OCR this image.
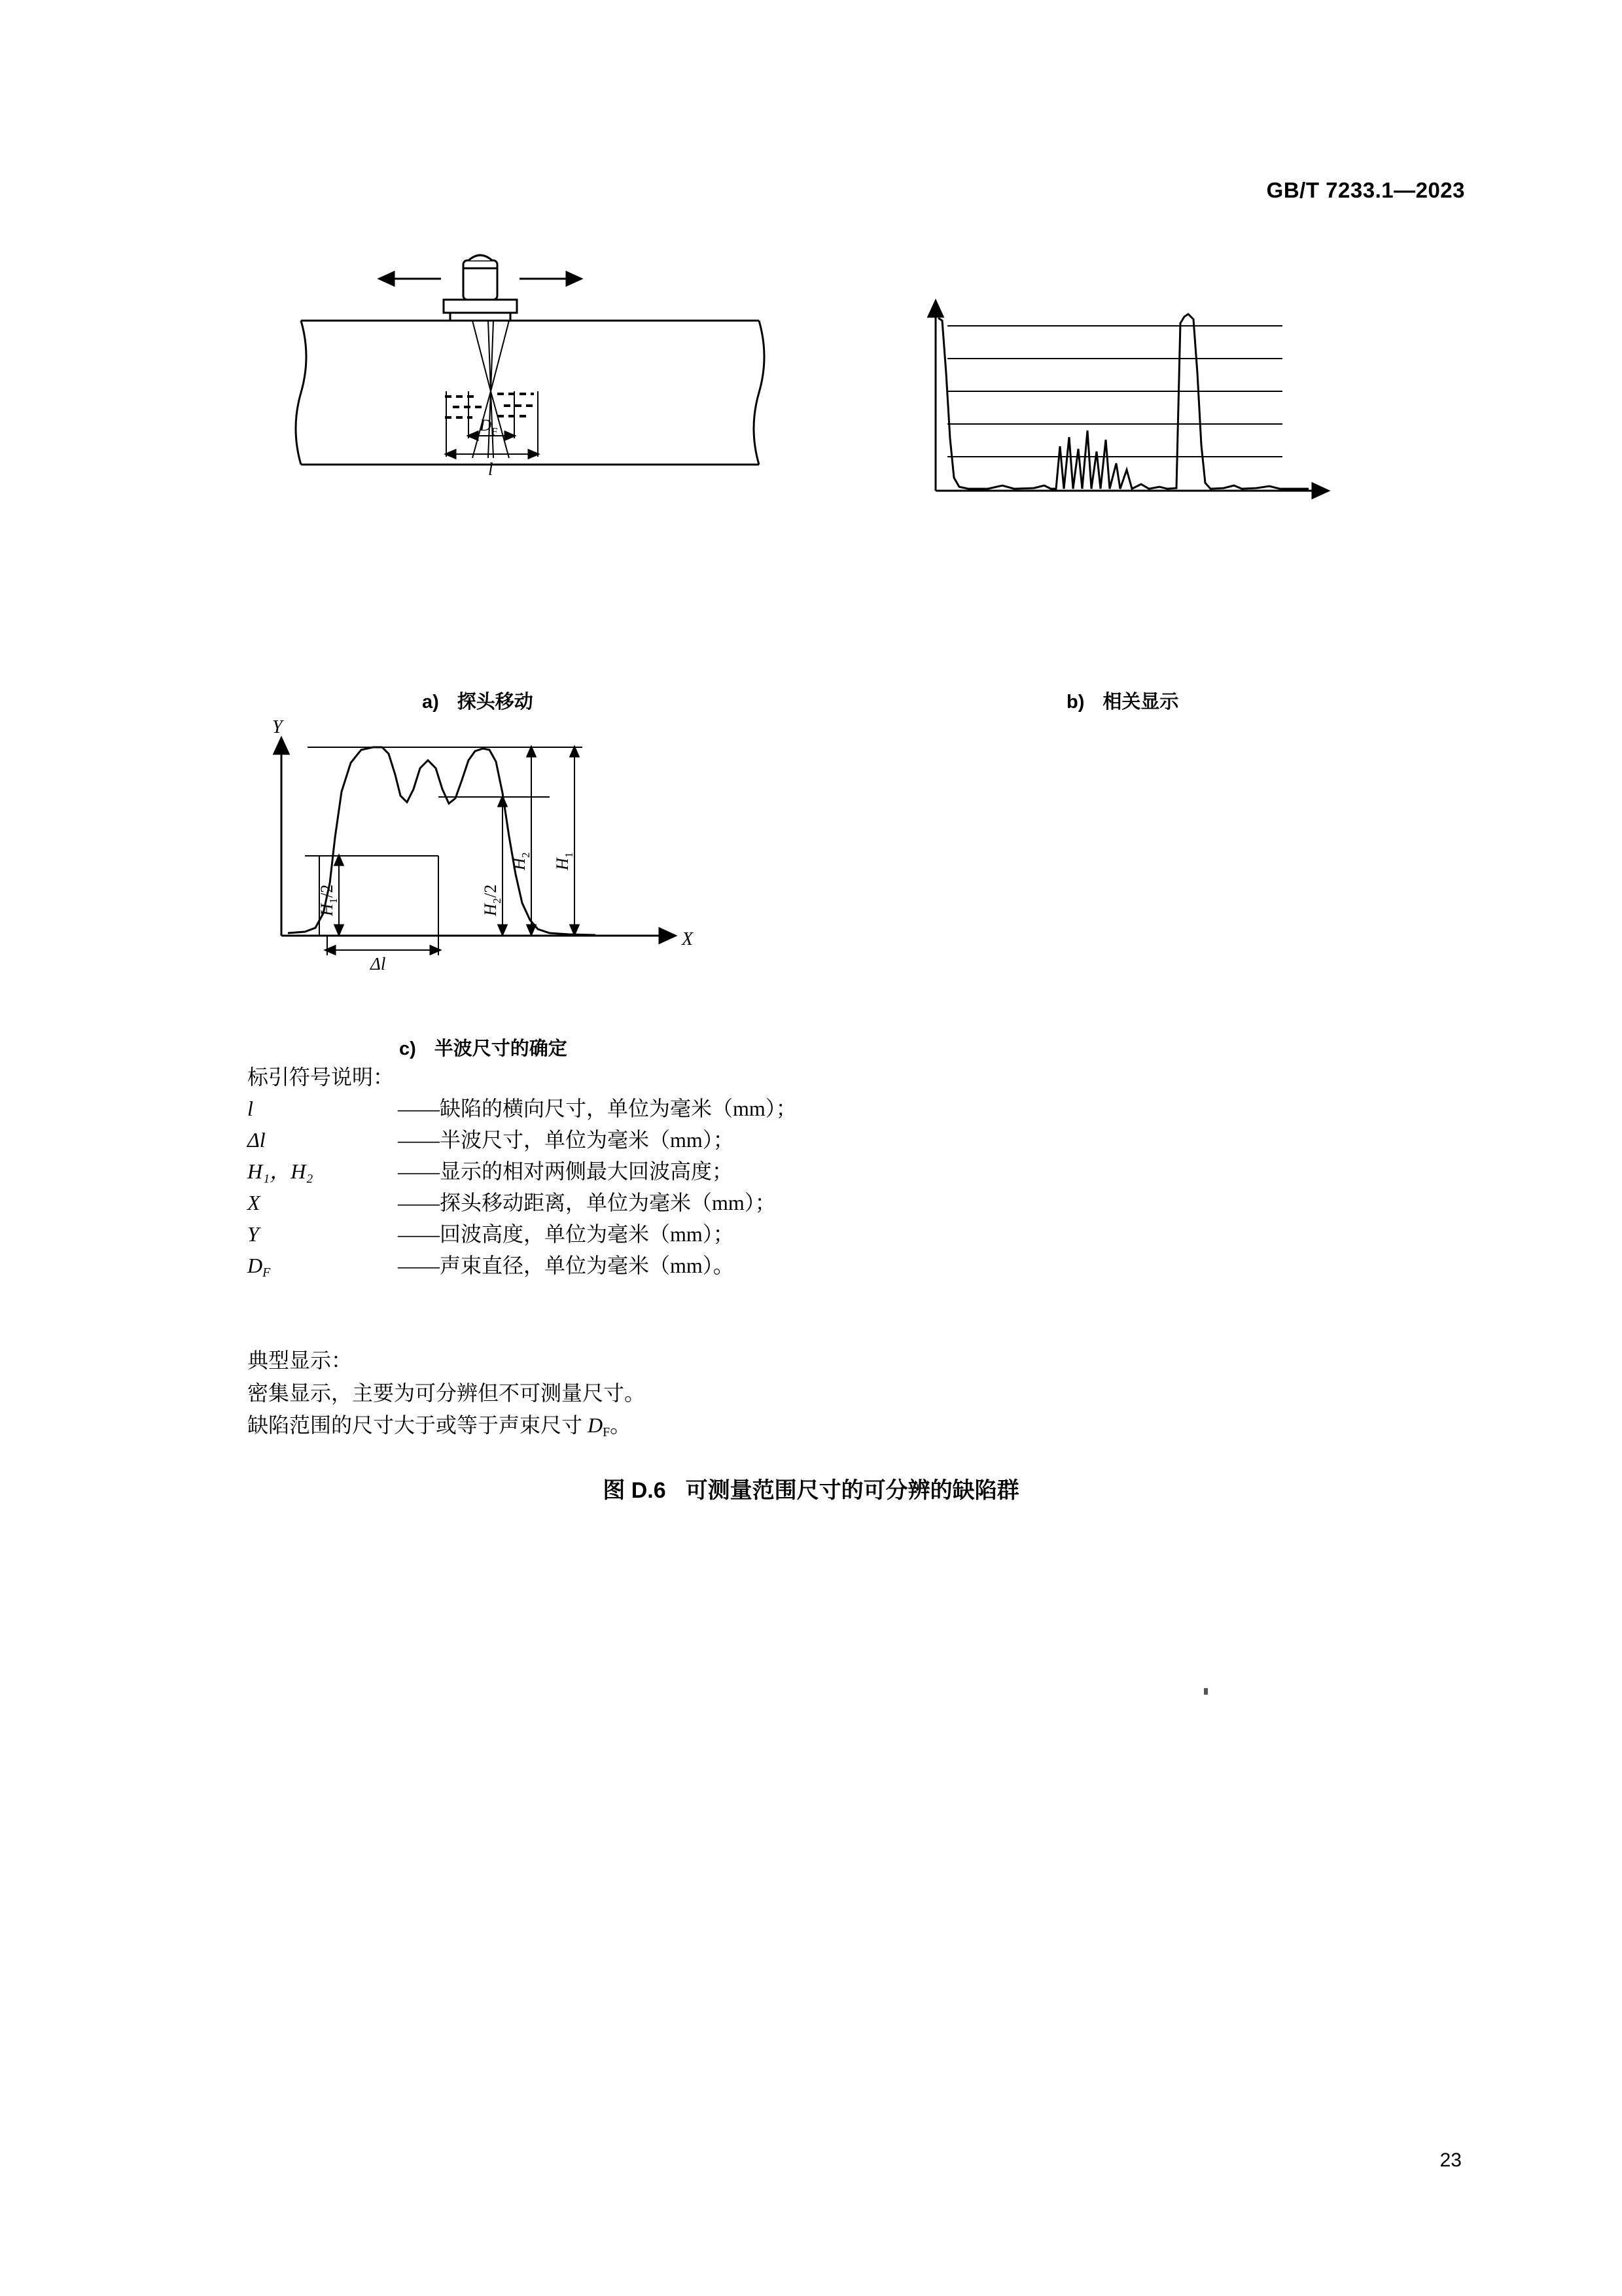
GB/T 7233.1—2023
D F
l
Y
X
H
1
/2
H
2
/2
H
2
H
1
Δl
a) 探头移动	b) 相关显示
c) 半波尺寸的确定
标引符号说明：
l	——缺陷的横向尺寸，单位为毫米（mm）；
Δl	——半波尺寸，单位为毫米（mm）；
H₁，H₂	——显示的相对两侧最大回波高度；
X	——探头移动距离，单位为毫米（mm）；
Y	——回波高度，单位为毫米（mm）；
$D_F$	——声束直径，单位为毫米（mm）。
典型显示：
密集显示，主要为可分辨但不可测量尺寸。
缺陷范围的尺寸大于或等于声束尺寸 $D_F$。
图 D.6 可测量范围尺寸的可分辨的缺陷群
23
